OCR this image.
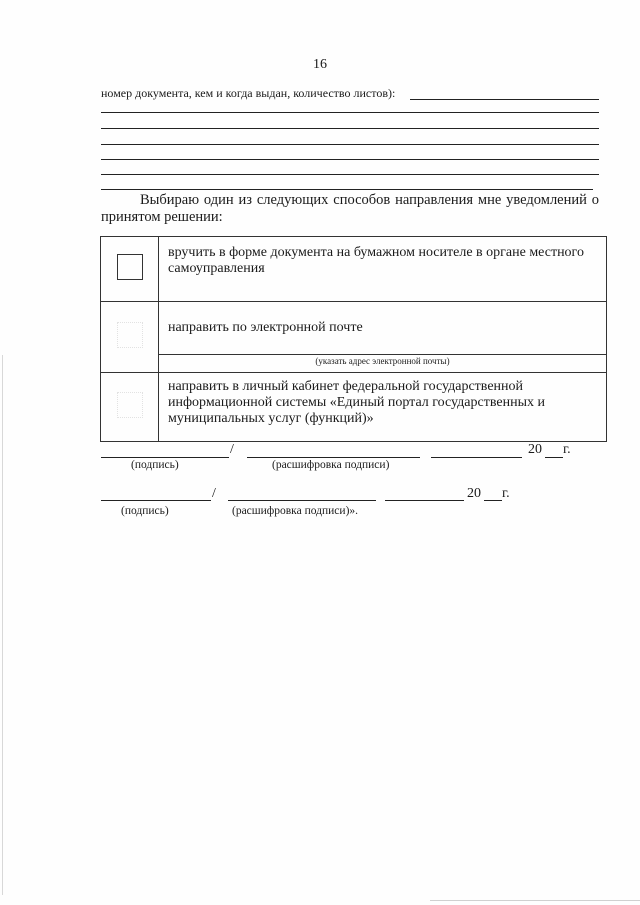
16
номер документа, кем и когда выдан, количество листов):
Выбираю один из следующих способов направления мне уведомлений о
принятом решении:
	вручить в форме документа на бумажном носителе в органе местного самоуправления

	направить по электронной почте
(указать адрес электронной почты)

	направить в личный кабинет федеральной государственной информационной системы «Единый портал государственных и муниципальных услуг (функций)»
/	20 г.
(подпись)	(расшифровка подписи)
/	20 г.
(подпись)	(расшифровка подписи)».
